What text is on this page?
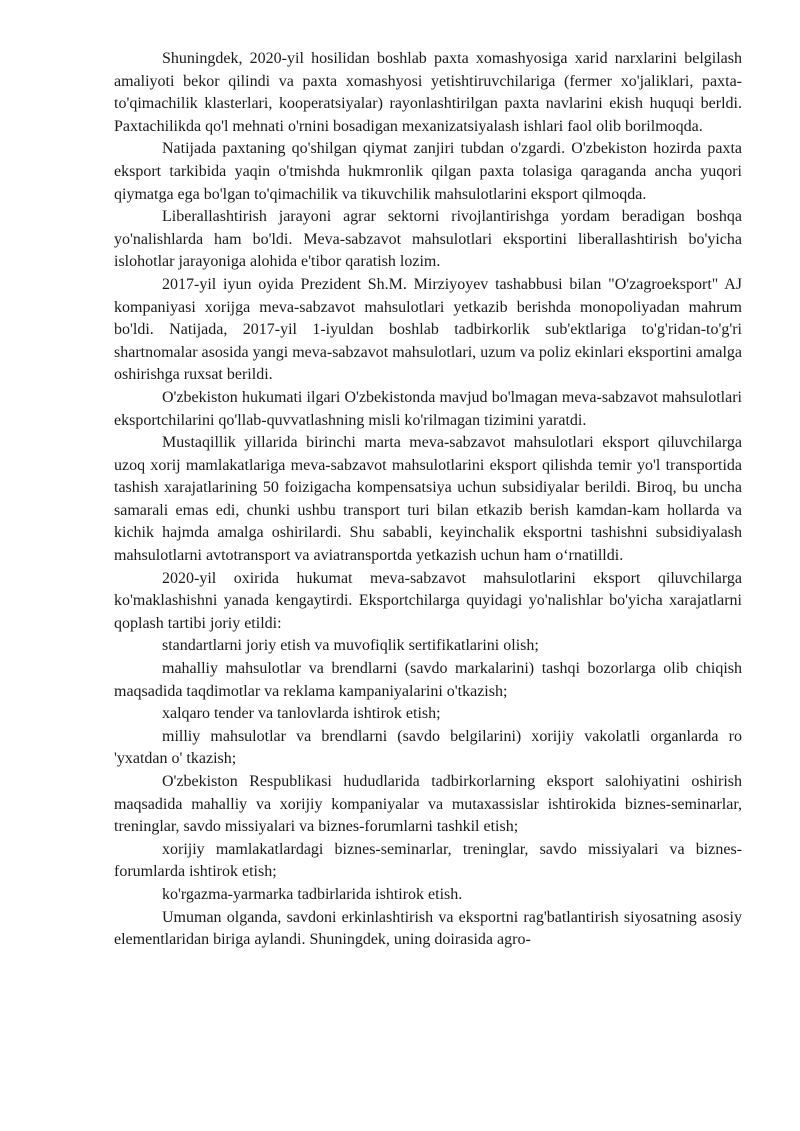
Shuningdek, 2020-yil hosilidan boshlab paxta xomashyosiga xarid narxlarini belgilash amaliyoti bekor qilindi va paxta xomashyosi yetishtiruvchilariga (fermer xo'jaliklari, paxta-to'qimachilik klasterlari, kooperatsiyalar) rayonlashtirilgan paxta navlarini ekish huquqi berldi. Paxtachilikda qo'l mehnati o'rnini bosadigan mexanizatsiyalash ishlari faol olib borilmoqda.

Natijada paxtaning qo'shilgan qiymat zanjiri tubdan o'zgardi. O'zbekiston hozirda paxta eksport tarkibida yaqin o'tmishda hukmronlik qilgan paxta tolasiga qaraganda ancha yuqori qiymatga ega bo'lgan to'qimachilik va tikuvchilik mahsulotlarini eksport qilmoqda.

Liberallashtirish jarayoni agrar sektorni rivojlantirishga yordam beradigan boshqa yo'nalishlarda ham bo'ldi. Meva-sabzavot mahsulotlari eksportini liberallashtirish bo'yicha islohotlar jarayoniga alohida e'tibor qaratish lozim.

2017-yil iyun oyida Prezident Sh.M. Mirziyoyev tashabbusi bilan "O'zagroeksport" AJ kompaniyasi xorijga meva-sabzavot mahsulotlari yetkazib berishda monopoliyadan mahrum bo'ldi. Natijada, 2017-yil 1-iyuldan boshlab tadbirkorlik sub'ektlariga to'g'ridan-to'g'ri shartnomalar asosida yangi meva-sabzavot mahsulotlari, uzum va poliz ekinlari eksportini amalga oshirishga ruxsat berildi.

O'zbekiston hukumati ilgari O'zbekistonda mavjud bo'lmagan meva-sabzavot mahsulotlari eksportchilarini qo'llab-quvvatlashning misli ko'rilmagan tizimini yaratdi.

Mustaqillik yillarida birinchi marta meva-sabzavot mahsulotlari eksport qiluvchilarga uzoq xorij mamlakatlariga meva-sabzavot mahsulotlarini eksport qilishda temir yo'l transportida tashish xarajatlarining 50 foizigacha kompensatsiya uchun subsidiyalar berildi. Biroq, bu uncha samarali emas edi, chunki ushbu transport turi bilan etkazib berish kamdan-kam hollarda va kichik hajmda amalga oshirilardi. Shu sababli, keyinchalik eksportni tashishni subsidiyalash mahsulotlarni avtotransport va aviatransportda yetkazish uchun ham o‘rnatilldi.

2020-yil oxirida hukumat meva-sabzavot mahsulotlarini eksport qiluvchilarga ko'maklashishni yanada kengaytirdi. Eksportchilarga quyidagi yo'nalishlar bo'yicha xarajatlarni qoplash tartibi joriy etildi:

standartlarni joriy etish va muvofiqlik sertifikatlarini olish;

mahalliy mahsulotlar va brendlarni (savdo markalarini) tashqi bozorlarga olib chiqish maqsadida taqdimotlar va reklama kampaniyalarini o'tkazish;

xalqaro tender va tanlovlarda ishtirok etish;

milliy mahsulotlar va brendlarni (savdo belgilarini) xorijiy vakolatli organlarda ro 'yxatdan o' tkazish;

O'zbekiston Respublikasi hududlarida tadbirkorlarning eksport salohiyatini oshirish maqsadida mahalliy va xorijiy kompaniyalar va mutaxassislar ishtirokida biznes-seminarlar, treninglar, savdo missiyalari va biznes-forumlarni tashkil etish;

xorijiy mamlakatlardagi biznes-seminarlar, treninglar, savdo missiyalari va biznes-forumlarda ishtirok etish;

ko'rgazma-yarmarka tadbirlarida ishtirok etish.

Umuman olganda, savdoni erkinlashtirish va eksportni rag'batlantirish siyosatning asosiy elementlaridan biriga aylandi. Shuningdek, uning doirasida agro-
